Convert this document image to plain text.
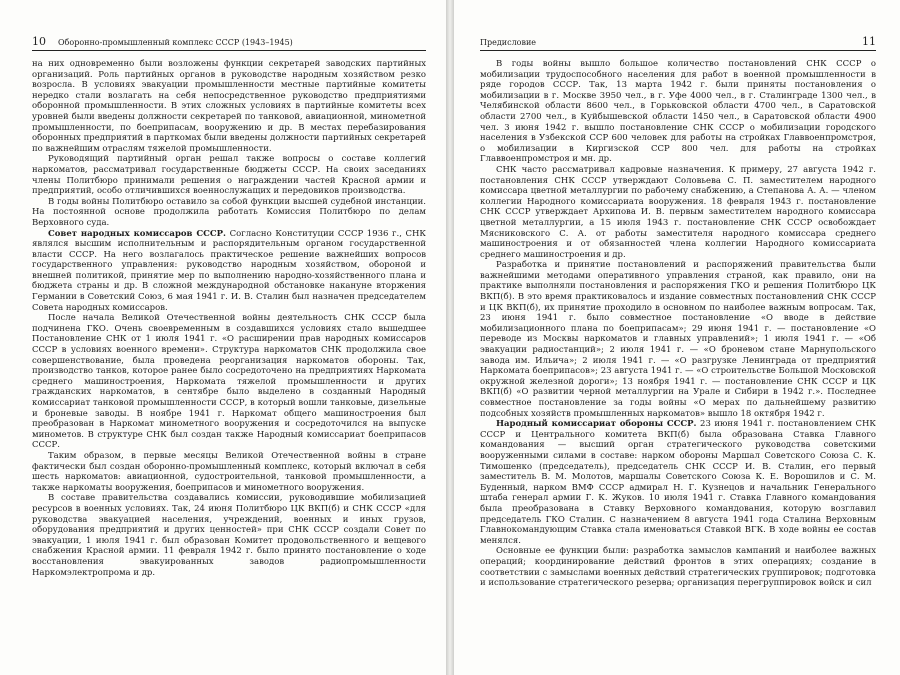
10 Оборонно-промышленный комплекс СССР (1943–1945)

на них одновременно были возложены функции секретарей заводских партийных организаций. Роль партийных органов в руководстве народным хозяйством резко возросла. В условиях эвакуации промышленности местные партийные комитеты нередко стали возлагать на себя непосредственное руководство предприятиями оборонной промышленности. В этих сложных условиях в партийные комитеты всех уровней были введены должности секретарей по танковой, авиационной, минометной промышленности, по боеприпасам, вооружению и др. В местах перебазирования оборонных предприятий в парткомах были введены должности партийных секретарей по важнейшим отраслям тяжелой промышленности.

Руководящий партийный орган решал также вопросы о составе коллегий наркоматов, рассматривал государственные бюджеты СССР. На своих заседаниях члены Политбюро принимали решения о награждении частей Красной армии и предприятий, особо отличившихся военнослужащих и передовиков производства.

В годы войны Политбюро оставило за собой функции высшей судебной инстанции. На постоянной основе продолжила работать Комиссия Политбюро по делам Верховного суда.

Совет народных комиссаров СССР. Согласно Конституции СССР 1936 г., СНК являлся высшим исполнительным и распорядительным органом государственной власти СССР. На него возлагалось практическое решение важнейших вопросов государственного управления: руководство народным хозяйством, обороной и внешней политикой, принятие мер по выполнению народно-хозяйственного плана и бюджета страны и др. В сложной международной обстановке накануне вторжения Германии в Советский Союз, 6 мая 1941 г. И. В. Сталин был назначен председателем Совета народных комиссаров.

После начала Великой Отечественной войны деятельность СНК СССР была подчинена ГКО. Очень своевременным в создавшихся условиях стало вышедшее Постановление СНК от 1 июля 1941 г. «О расширении прав народных комиссаров СССР в условиях военного времени». Структура наркоматов СНК продолжила свое совершенствование, была проведена реорганизация наркоматов обороны. Так, производство танков, которое ранее было сосредоточено на предприятиях Наркомата среднего машиностроения, Наркомата тяжелой промышленности и других гражданских наркоматов, в сентябре было выделено в созданный Народный комиссариат танковой промышленности СССР, в который вошли танковые, дизельные и броневые заводы. В ноябре 1941 г. Наркомат общего машиностроения был преобразован в Наркомат минометного вооружения и сосредоточился на выпуске минометов. В структуре СНК был создан также Народный комиссариат боеприпасов СССР.

Таким образом, в первые месяцы Великой Отечественной войны в стране фактически был создан оборонно-промышленный комплекс, который включал в себя шесть наркоматов: авиационной, судостроительной, танковой промышленности, а также наркоматы вооружения, боеприпасов и минометного вооружения.

В составе правительства создавались комиссии, руководившие мобилизацией ресурсов в военных условиях. Так, 24 июня Политбюро ЦК ВКП(б) и СНК СССР «для руководства эвакуацией населения, учреждений, военных и иных грузов, оборудования предприятий и других ценностей» при СНК СССР создали Совет по эвакуации, 1 июля 1941 г. был образован Комитет продовольственного и вещевого снабжения Красной армии. 11 февраля 1942 г. было принято постановление о ходе восстановления эвакуированных заводов радиопромышленности Наркомэлектропрома и др.

Предисловие	11

В годы войны вышло большое количество постановлений СНК СССР о мобилизации трудоспособного населения для работ в военной промышленности в ряде городов СССР. Так, 13 марта 1942 г. были приняты постановления о мобилизации в г. Москве 3950 чел., в г. Уфе 4000 чел., в г. Сталинграде 1300 чел., в Челябинской области 8600 чел., в Горьковской области 4700 чел., в Саратовской области 2700 чел., в Куйбышевской области 1450 чел., в Саратовской области 4900 чел. 3 июня 1942 г. вышло постановление СНК СССР о мобилизации городского населения в Узбекской ССР 600 человек для работы на стройках Главвоенпромстроя, о мобилизации в Киргизской ССР 800 чел. для работы на стройках Главвоенпромстроя и мн. др.

СНК часто рассматривал кадровые назначения. К примеру, 27 августа 1942 г. постановления СНК СССР утверждают Соловьева С. П. заместителем народного комиссара цветной металлургии по рабочему снабжению, а Степанова А. А. — членом коллегии Народного комиссариата вооружения. 18 февраля 1943 г. постановление СНК СССР утверждает Архипова И. В. первым заместителем народного комиссара цветной металлургии, а 15 июля 1943 г. постановление СНК СССР освобождает Мясниковского С. А. от работы заместителя народного комиссара среднего машиностроения и от обязанностей члена коллегии Народного комиссариата среднего машиностроения и др.

Разработка и принятие постановлений и распоряжений правительства были важнейшими методами оперативного управления страной, как правило, они на практике выполняли постановления и распоряжения ГКО и решения Политбюро ЦК ВКП(б). В это время практиковалось и издание совместных постановлений СНК СССР и ЦК ВКП(б), их принятие проходило в основном по наиболее важным вопросам. Так, 23 июня 1941 г. было совместное постановление «О вводе в действие мобилизационного плана по боеприпасам»; 29 июня 1941 г. — постановление «О переводе из Москвы наркоматов и главных управлений»; 1 июля 1941 г. — «Об эвакуации радиостанций»; 2 июля 1941 г. — «О броневом стане Марнупольского завода им. Ильича»; 2 июля 1941 г. — «О разгрузке Ленинграда от предприятий Наркомата боеприпасов»; 23 августа 1941 г. — «О строительстве Большой Московской окружной железной дороги»; 13 ноября 1941 г. — постановление СНК СССР и ЦК ВКП(б) «О развитии черной металлургии на Урале и Сибири в 1942 г.». Последнее совместное постановление за годы войны «О мерах по дальнейшему развитию подсобных хозяйств промышленных наркоматов» вышло 18 октября 1942 г.

Народный комиссариат обороны СССР. 23 июня 1941 г. постановлением СНК СССР и Центрального комитета ВКП(б) была образована Ставка Главного командования — высший орган стратегического руководства советскими вооруженными силами в составе: нарком обороны Маршал Советского Союза С. К. Тимошенко (председатель), председатель СНК СССР И. В. Сталин, его первый заместитель В. М. Молотов, маршалы Советского Союза К. Е. Ворошилов и С. М. Буденный, нарком ВМФ СССР адмирал Н. Г. Кузнецов и начальник Генерального штаба генерал армии Г. К. Жуков. 10 июля 1941 г. Ставка Главного командования была преобразована в Ставку Верховного командования, которую возглавил председатель ГКО Сталин. С назначением 8 августа 1941 года Сталина Верховным Главнокомандующим Ставка стала именоваться Ставкой ВГК. В ходе войны ее состав менялся.

Основные ее функции были: разработка замыслов кампаний и наиболее важных операций; координирование действий фронтов в этих операциях; создание в соответствии с замыслами военных действий стратегических группировок; подготовка и использование стратегического резерва; организация перегруппировок войск и сил
